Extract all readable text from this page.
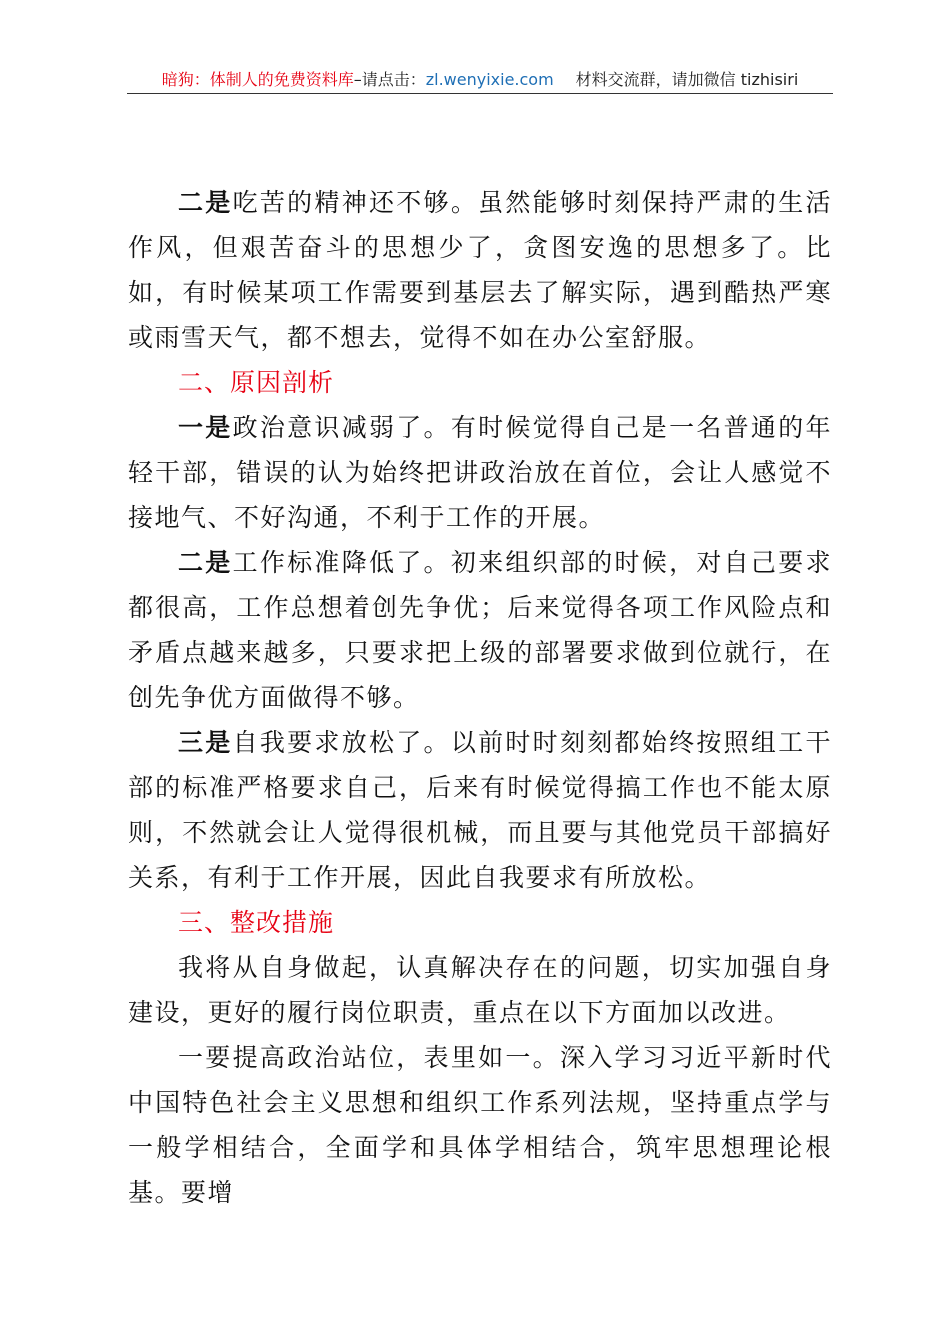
暗狗：体制人的免费资料库–请点击：zl.wenyixie.com 材料交流群，请加微信 tizhisiri

二是吃苦的精神还不够。虽然能够时刻保持严肃的生活作风，但艰苦奋斗的思想少了，贪图安逸的思想多了。比如，有时候某项工作需要到基层去了解实际，遇到酷热严寒或雨雪天气，都不想去，觉得不如在办公室舒服。

二、原因剖析

一是政治意识减弱了。有时候觉得自己是一名普通的年轻干部，错误的认为始终把讲政治放在首位，会让人感觉不接地气、不好沟通，不利于工作的开展。

二是工作标准降低了。初来组织部的时候，对自己要求都很高，工作总想着创先争优；后来觉得各项工作风险点和矛盾点越来越多，只要求把上级的部署要求做到位就行，在创先争优方面做得不够。

三是自我要求放松了。以前时时刻刻都始终按照组工干部的标准严格要求自己，后来有时候觉得搞工作也不能太原则，不然就会让人觉得很机械，而且要与其他党员干部搞好关系，有利于工作开展，因此自我要求有所放松。

三、整改措施

我将从自身做起，认真解决存在的问题，切实加强自身建设，更好的履行岗位职责，重点在以下方面加以改进。

一要提高政治站位，表里如一。深入学习习近平新时代中国特色社会主义思想和组织工作系列法规，坚持重点学与一般学相结合，全面学和具体学相结合，筑牢思想理论根基。要增
